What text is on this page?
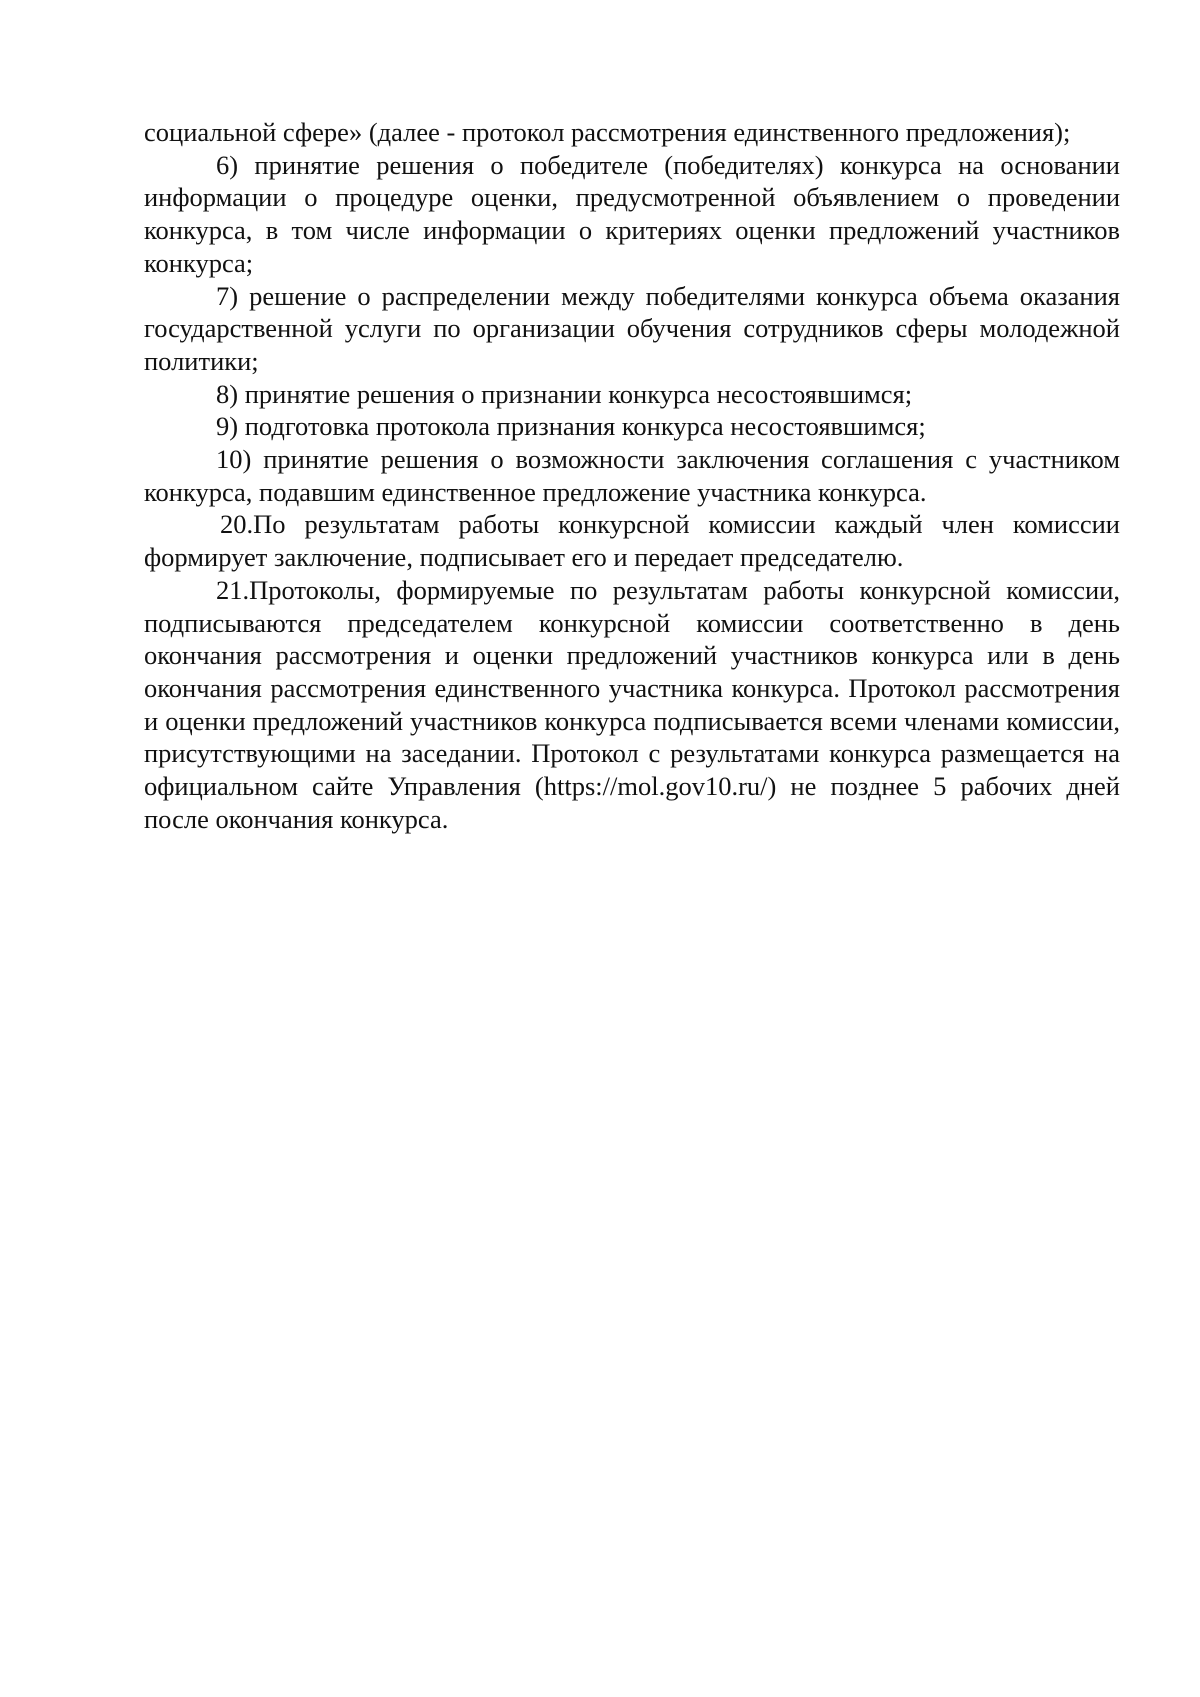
социальной сфере» (далее - протокол рассмотрения единственного предложения);

6) принятие решения о победителе (победителях) конкурса на основании информации о процедуре оценки, предусмотренной объявлением о проведении конкурса, в том числе информации о критериях оценки предложений участников конкурса;

7) решение о распределении между победителями конкурса объема оказания государственной услуги по организации обучения сотрудников сферы молодежной политики;

8) принятие решения о признании конкурса несостоявшимся;

9) подготовка протокола признания конкурса несостоявшимся;

10) принятие решения о возможности заключения соглашения с участником конкурса, подавшим единственное предложение участника конкурса.

20.По результатам работы конкурсной комиссии каждый член комиссии формирует заключение, подписывает его и передает председателю.

21.Протоколы, формируемые по результатам работы конкурсной комиссии, подписываются председателем конкурсной комиссии соответственно в день окончания рассмотрения и оценки предложений участников конкурса или в день окончания рассмотрения единственного участника конкурса. Протокол рассмотрения и оценки предложений участников конкурса подписывается всеми членами комиссии, присутствующими на заседании. Протокол с результатами конкурса размещается на официальном сайте Управления (https://mol.gov10.ru/) не позднее 5 рабочих дней после окончания конкурса.
